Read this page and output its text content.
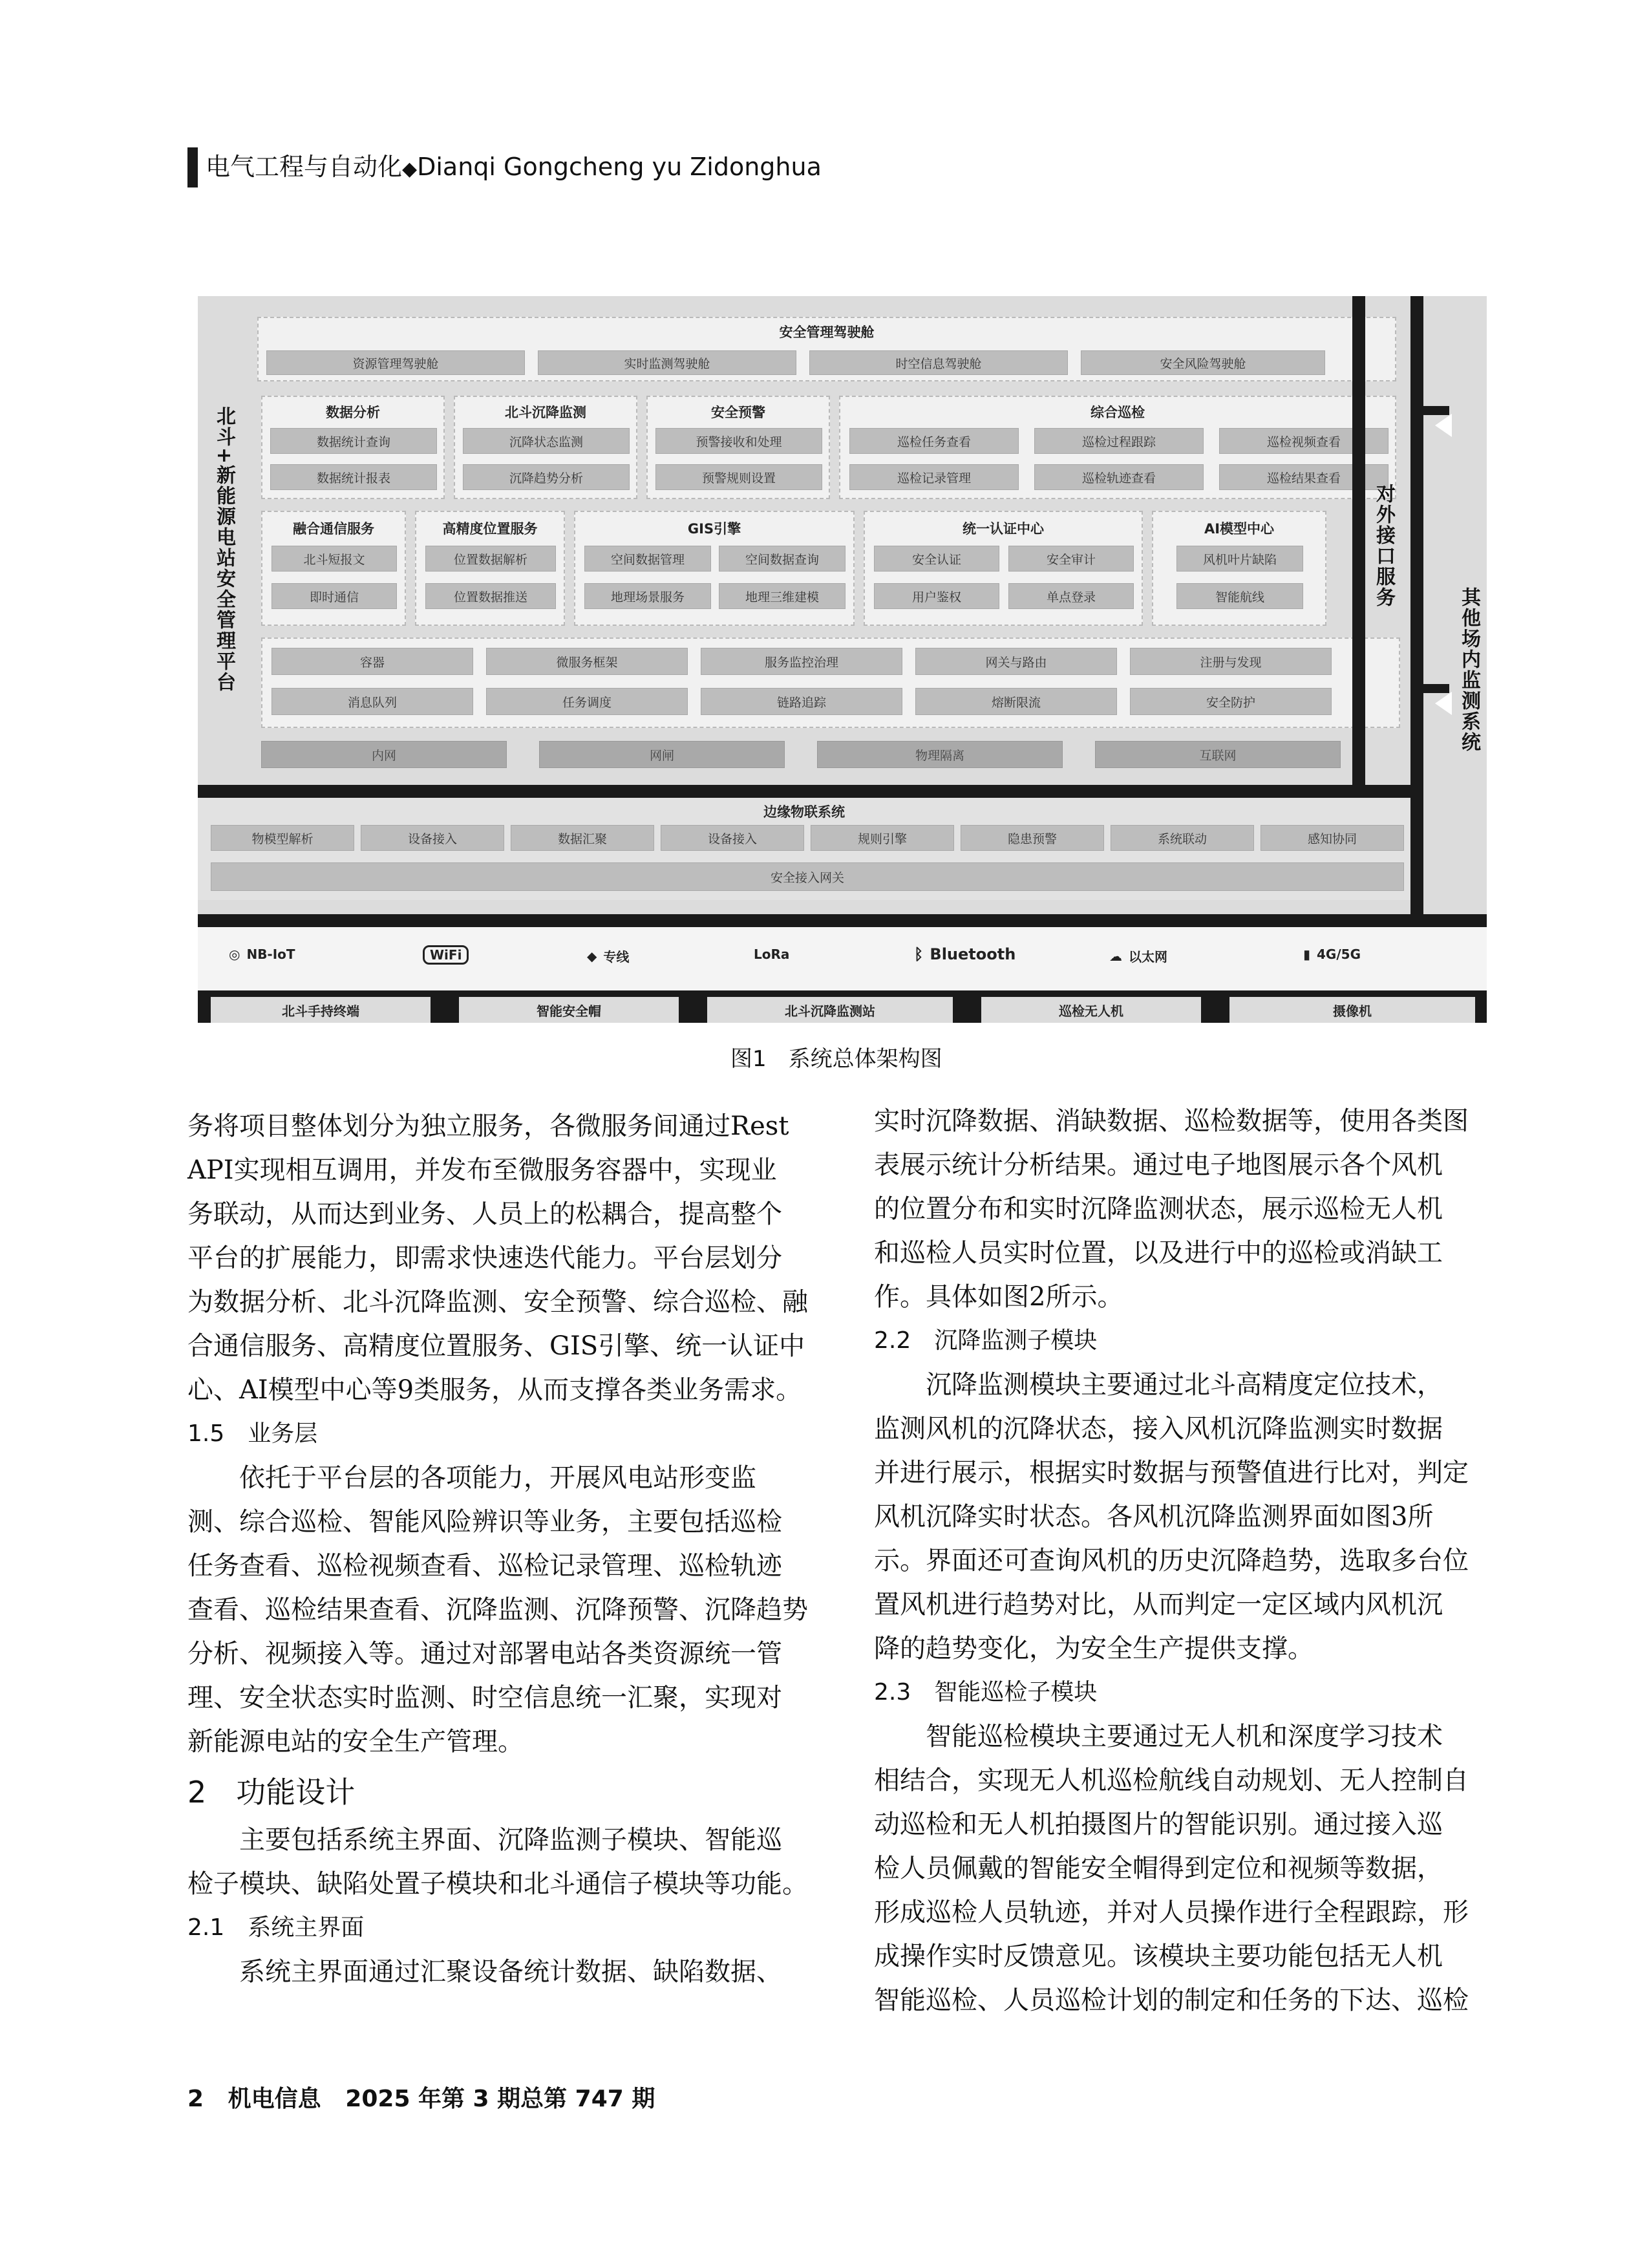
电气工程与自动化◆Dianqi Gongcheng yu Zidonghua
北斗+新能源电站安全管理平台
安全管理驾驶舱
资源管理驾驶舱	实时监测驾驶舱	时空信息驾驶舱	安全风险驾驶舱
数据分析
数据统计查询
数据统计报表
北斗沉降监测
沉降状态监测
沉降趋势分析
安全预警
预警接收和处理
预警规则设置
综合巡检
巡检任务查看	巡检过程跟踪	巡检视频查看
巡检记录管理	巡检轨迹查看	巡检结果查看
融合通信服务
北斗短报文
即时通信
高精度位置服务
位置数据解析
位置数据推送
GIS引擎
空间数据管理	空间数据查询
地理场景服务	地理三维建模
统一认证中心
安全认证	安全审计
用户鉴权	单点登录
AI模型中心
风机叶片缺陷
智能航线
容器	微服务框架	服务监控治理	网关与路由	注册与发现
消息队列	任务调度	链路追踪	熔断限流	安全防护
内网	网闸	物理隔离	互联网
对外接口服务
其他场内监测系统
边缘物联系统
物模型解析	设备接入	数据汇聚	设备接入	规则引擎	隐患预警	系统联动	感知协同
安全接入网关
◎ NB-IoT	WiFi	◆ 专线	LoRa	ᛒ Bluetooth	☁ 以太网	▮ 4G/5G
北斗手持终端	智能安全帽	北斗沉降监测站	巡检无人机	摄像机
图1　系统总体架构图

务将项目整体划分为独立服务，各微服务间通过Rest

API实现相互调用，并发布至微服务容器中，实现业

务联动，从而达到业务、人员上的松耦合，提高整个

平台的扩展能力，即需求快速迭代能力。平台层划分

为数据分析、北斗沉降监测、安全预警、综合巡检、融

合通信服务、高精度位置服务、GIS引擎、统一认证中

心、AI模型中心等9类服务，从而支撑各类业务需求。

1.5　业务层

依托于平台层的各项能力，开展风电站形变监

测、综合巡检、智能风险辨识等业务，主要包括巡检

任务查看、巡检视频查看、巡检记录管理、巡检轨迹

查看、巡检结果查看、沉降监测、沉降预警、沉降趋势

分析、视频接入等。通过对部署电站各类资源统一管

理、安全状态实时监测、时空信息统一汇聚，实现对

新能源电站的安全生产管理。

2　功能设计

主要包括系统主界面、沉降监测子模块、智能巡

检子模块、缺陷处置子模块和北斗通信子模块等功能。

2.1　系统主界面

系统主界面通过汇聚设备统计数据、缺陷数据、

实时沉降数据、消缺数据、巡检数据等，使用各类图

表展示统计分析结果。通过电子地图展示各个风机

的位置分布和实时沉降监测状态，展示巡检无人机

和巡检人员实时位置，以及进行中的巡检或消缺工

作。具体如图2所示。

2.2　沉降监测子模块

沉降监测模块主要通过北斗高精度定位技术，

监测风机的沉降状态，接入风机沉降监测实时数据

并进行展示，根据实时数据与预警值进行比对，判定

风机沉降实时状态。各风机沉降监测界面如图3所

示。界面还可查询风机的历史沉降趋势，选取多台位

置风机进行趋势对比，从而判定一定区域内风机沉

降的趋势变化，为安全生产提供支撑。

2.3　智能巡检子模块

智能巡检模块主要通过无人机和深度学习技术

相结合，实现无人机巡检航线自动规划、无人控制自

动巡检和无人机拍摄图片的智能识别。通过接入巡

检人员佩戴的智能安全帽得到定位和视频等数据，

形成巡检人员轨迹，并对人员操作进行全程跟踪，形

成操作实时反馈意见。该模块主要功能包括无人机

智能巡检、人员巡检计划的制定和任务的下达、巡检

2 机电信息 2025 年第 3 期总第 747 期
